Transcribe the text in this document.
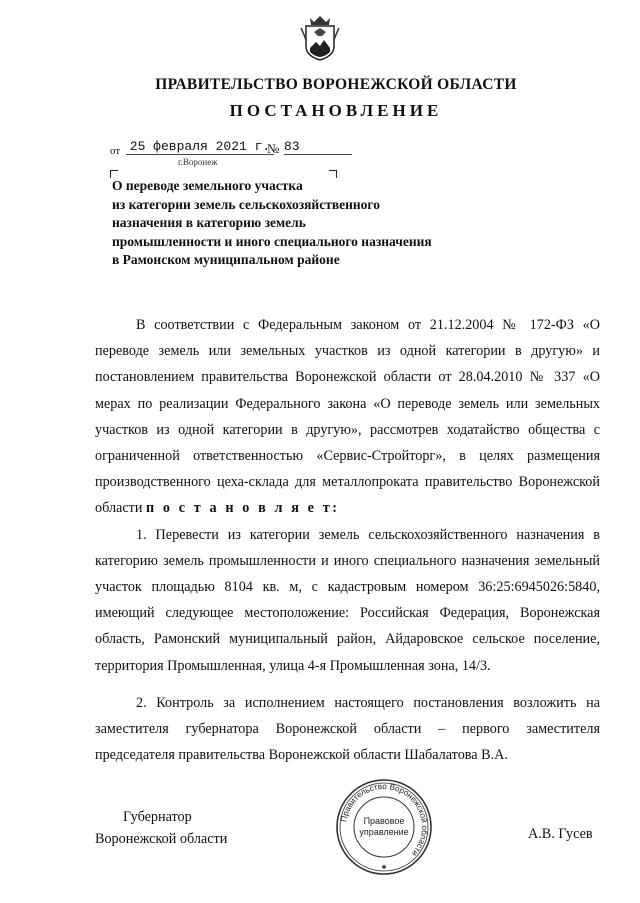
ПРАВИТЕЛЬСТВО ВОРОНЕЖСКОЙ ОБЛАСТИ
ПОСТАНОВЛЕНИЕ
от 25 февраля 2021 г.
№ 83
г.Воронеж
О переводе земельного участка
из категории земель сельскохозяйственного
назначения в категорию земель
промышленности и иного специального назначения
в Рамонском муниципальном районе

В соответствии с Федеральным законом от 21.12.2004 № 172-ФЗ «О переводе земель или земельных участков из одной категории в другую» и постановлением правительства Воронежской области от 28.04.2010 № 337 «О мерах по реализации Федерального закона «О переводе земель или земельных участков из одной категории в другую», рассмотрев ходатайство общества с ограниченной ответственностью «Сервис-Стройторг», в целях размещения производственного цеха-склада для металлопроката правительство Воронежской области п о с т а н о в л я е т:

1. Перевести из категории земель сельскохозяйственного назначения в категорию земель промышленности и иного специального назначения земельный участок площадью 8104 кв. м, с кадастровым номером 36:25:6945026:5840, имеющий следующее местоположение: Российская Федерация, Воронежская область, Рамонский муниципальный район, Айдаровское сельское поселение, территория Промышленная, улица 4-я Промышленная зона, 14/3.

2. Контроль за исполнением настоящего постановления возложить на заместителя губернатора Воронежской области – первого заместителя председателя правительства Воронежской области Шабалатова В.А.

Губернатор
Воронежской области
Правительство Воронежской области
Правовое
управление
✱
А.В. Гусев
